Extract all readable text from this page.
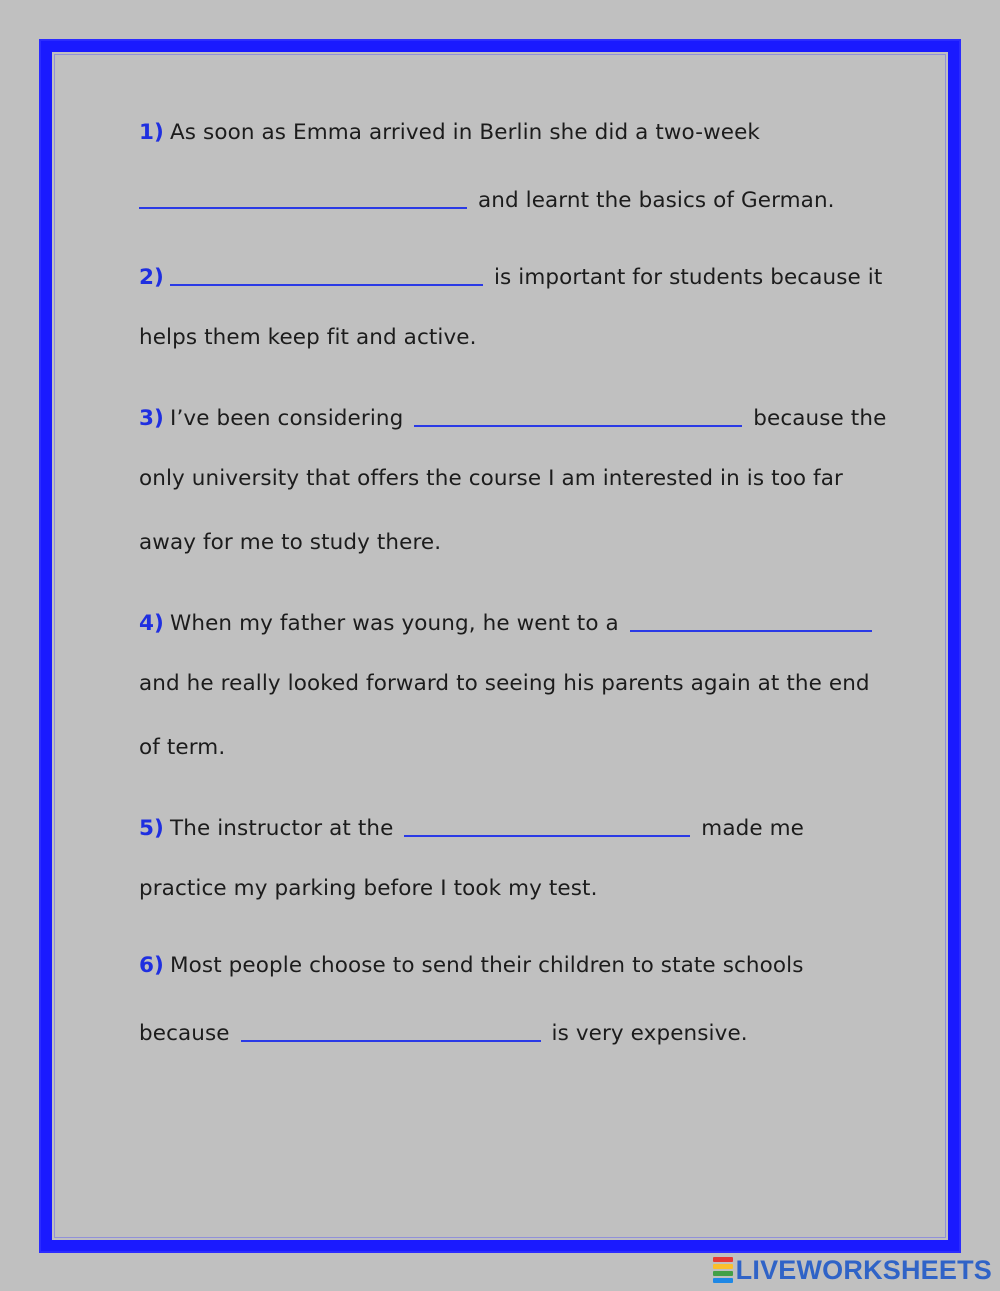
1) As soon as Emma arrived in Berlin she did a two-week
and learnt the basics of German.
2)	is important for students because it
helps them keep fit and active.
3) I’ve been considering	because the
only university that offers the course I am interested in is too far
away for me to study there.
4) When my father was young, he went to a
and he really looked forward to seeing his parents again at the end
of term.
5) The instructor at the	made me
practice my parking before I took my test.
6) Most people choose to send their children to state schools
because	is very expensive.
LIVEWORKSHEETS
